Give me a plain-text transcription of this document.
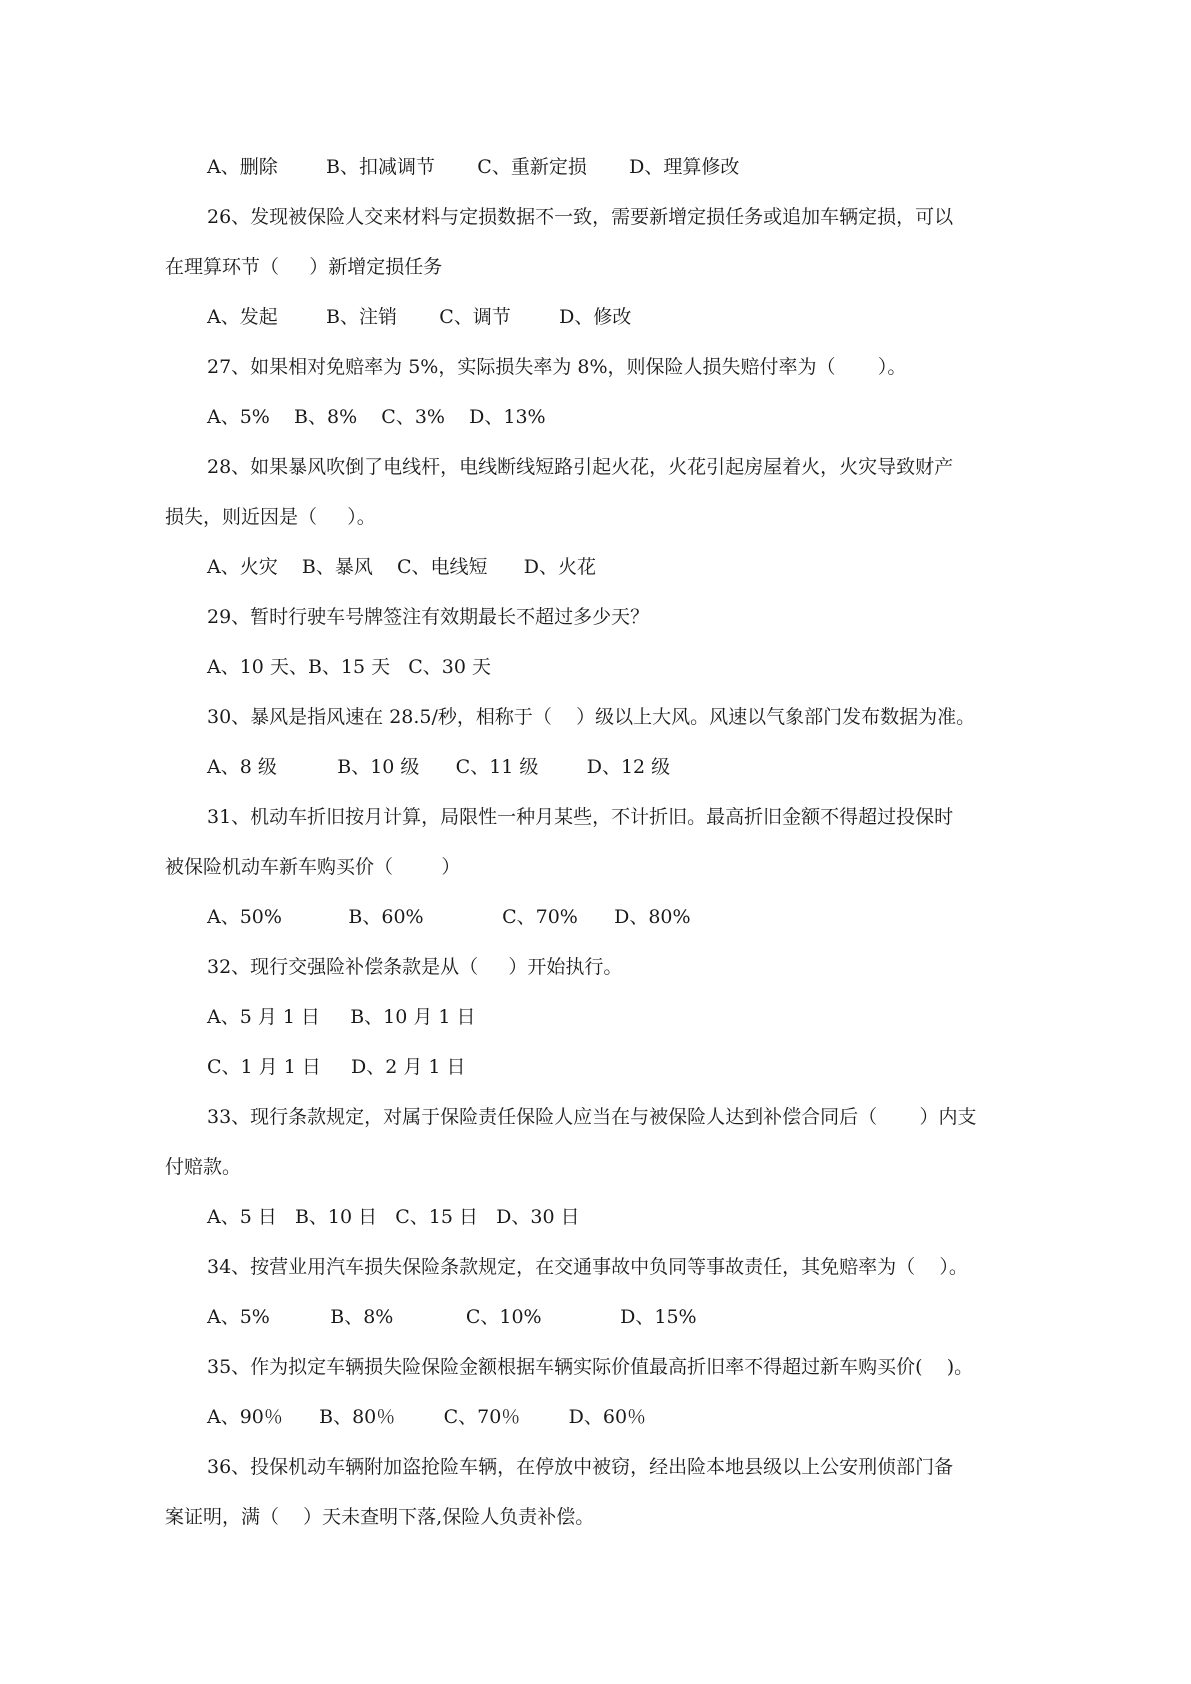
A、删除        B、扣减调节       C、重新定损       D、理算修改
26、发现被保险人交来材料与定损数据不一致，需要新增定损任务或追加车辆定损，可以
在理算环节（     ）新增定损任务
A、发起        B、注销       C、调节        D、修改
27、如果相对免赔率为 5%，实际损失率为 8%，则保险人损失赔付率为（       ）。
A、5%    B、8%    C、3%    D、13%
28、如果暴风吹倒了电线杆，电线断线短路引起火花，火花引起房屋着火，火灾导致财产
损失，则近因是（     ）。
A、火灾    B、暴风    C、电线短      D、火花
29、暂时行驶车号牌签注有效期最长不超过多少天？
A、10 天、B、15 天   C、30 天
30、暴风是指风速在 28.5/秒，相称于（    ）级以上大风。风速以气象部门发布数据为准。
A、8 级          B、10 级      C、11 级        D、12 级
31、机动车折旧按月计算，局限性一种月某些，不计折旧。最高折旧金额不得超过投保时
被保险机动车新车购买价（        ）
A、50%           B、60%             C、70%      D、80%
32、现行交强险补偿条款是从（     ）开始执行。
A、5 月 1 日     B、10 月 1 日
C、1 月 1 日     D、2 月 1 日
33、现行条款规定，对属于保险责任保险人应当在与被保险人达到补偿合同后（       ）内支
付赔款。
A、5 日   B、10 日   C、15 日   D、30 日
34、按营业用汽车损失保险条款规定，在交通事故中负同等事故责任，其免赔率为（    ）。
A、5%          B、8%            C、10%             D、15%
35、作为拟定车辆损失险保险金额根据车辆实际价值最高折旧率不得超过新车购买价(    )。
A、90％      B、80％        C、70％        D、60％
36、投保机动车辆附加盗抢险车辆，在停放中被窃，经出险本地县级以上公安刑侦部门备
案证明，满（    ）天未查明下落,保险人负责补偿。
